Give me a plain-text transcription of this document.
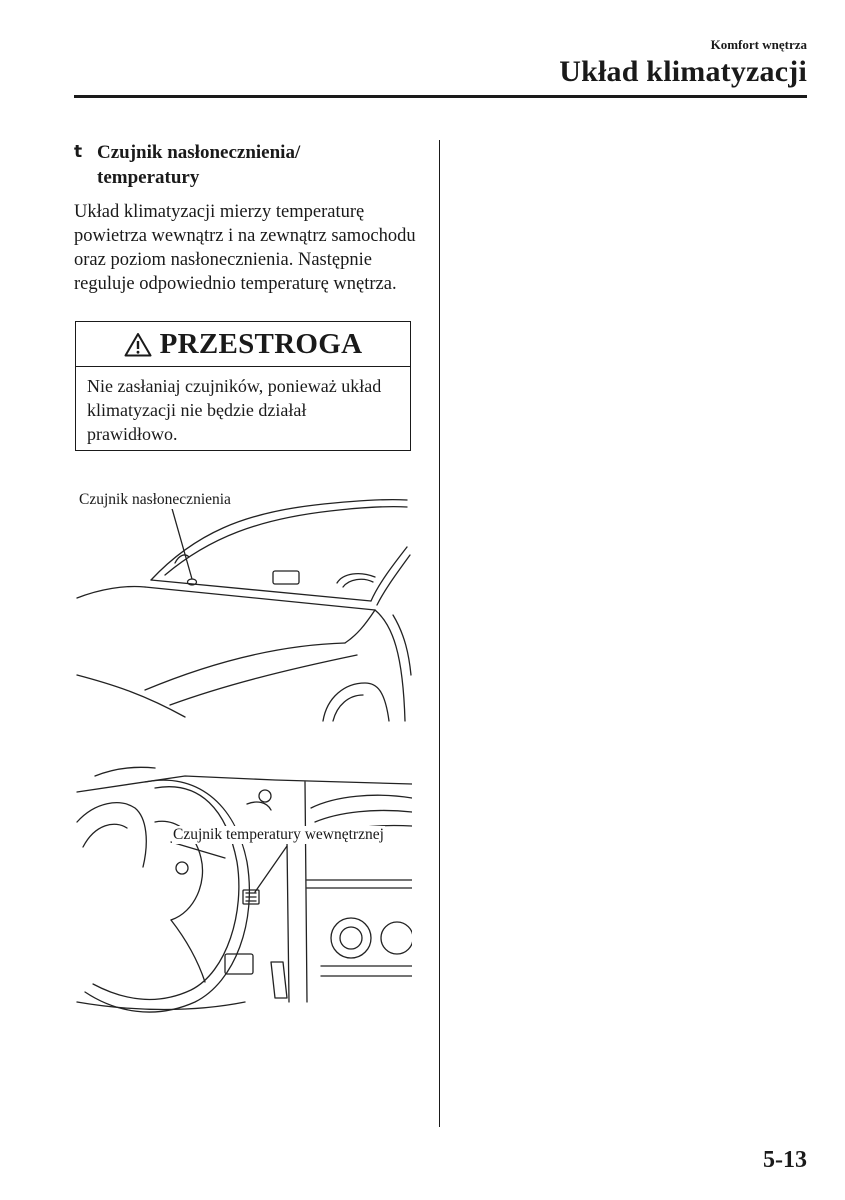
Komfort wnętrza
Układ klimatyzacji
t Czujnik nasłonecznienia/
temperatury

Układ klimatyzacji mierzy temperaturę powietrza wewnątrz i na zewnątrz samochodu oraz poziom nasłonecznienia. Następnie reguluje odpowiednio temperaturę wnętrza.

PRZESTROGA

Nie zasłaniaj czujników, ponieważ układ klimatyzacji nie będzie działał prawidłowo.

Czujnik nasłonecznienia
Czujnik temperatury wewnętrznej
5-13
